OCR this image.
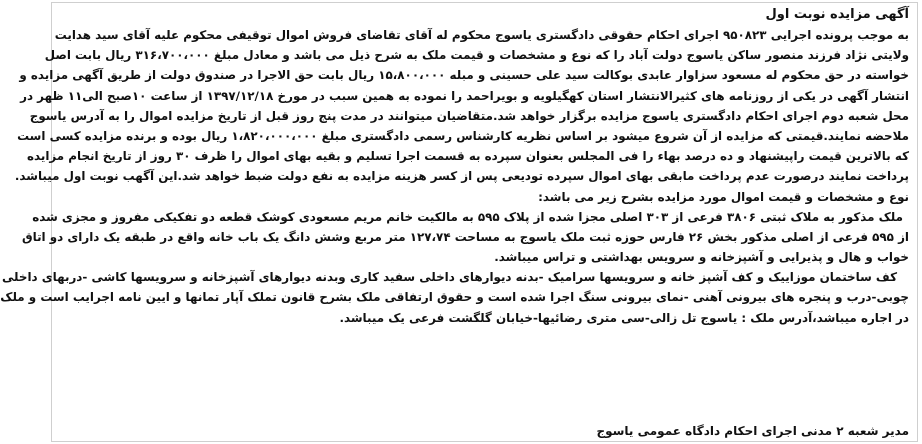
آگهی مزایده نوبت اول
به موجب پرونده اجرایی ۹۵۰۸۲۳ اجرای احکام حقوقی دادگستری یاسوج محکوم له آقای تقاضای فروش اموال توقیفی محکوم علیه آقای سید هدایت
ولایتی نژاد فرزند منصور ساکن یاسوج دولت آباد را که نوع و مشخصات و قیمت ملک به شرح ذیل می باشد و معادل مبلغ ۳۱۶،۷۰۰،۰۰۰ ریال بابت اصل
خواسته در حق محکوم له مسعود سزاوار عابدی بوکالت سید علی حسینی و مبله ۱۵،۸۰۰،۰۰۰ ریال بابت حق الاجرا در صندوق دولت از طریق آگهی مزایده و
انتشار آگهی در یکی از روزنامه های کثیرالانتشار استان کهگیلویه و بویراحمد را نموده به همین سبب در مورخ ۱۳۹۷/۱۲/۱۸ از ساعت ۱۰صبح الی۱۱ ظهر در
محل شعبه دوم اجرای احکام دادگستری یاسوج مزایده برگزار خواهد شد.متقاضیان میتوانند در مدت پنج روز قبل از تاریخ مزایده اموال را به آدرس یاسوج
ملاحضه نمایند.قیمتی که مزایده از آن شروع میشود بر اساس نظریه کارشناس رسمی دادگستری مبلغ ۱،۸۲۰،۰۰۰،۰۰۰ ریال بوده و برنده مزایده کسی است
که بالاترین قیمت راپیشنهاد و ده درصد بهاء را فی المجلس بعنوان سپرده به قسمت اجرا تسلیم و بقیه بهای اموال را ظرف ۳۰ روز از تاریخ انجام مزایده
پرداخت نمایند درصورت عدم پرداخت مابقی بهای اموال سپرده تودیعی پس از کسر هزینه مزایده به نفع دولت ضبط خواهد شد.این آگهب نوبت اول میباشد.
نوع و مشخصات و قیمت اموال مورد مزایده بشرح زیر می باشد:
ملک مذکور به ملاک ثبتی ۳۸۰۶ فرعی از ۳۰۳ اصلی مجزا شده از پلاک ۵۹۵ به مالکیت خانم مریم مسعودی کوشک قطعه دو تفکیکی مفروز و مجزی شده
از ۵۹۵ فرعی از اصلی مذکور بخش ۲۶ فارس حوزه ثبت ملک یاسوج به مساحت ۱۲۷،۷۴ متر مربع وشش دانگ یک باب خانه واقع در طبقه یک دارای دو اتاق
خواب و هال و پذیرایی و آشپزخانه و سرویس بهداشتی و تراس میباشد.
کف ساختمان موزاییک و کف آشپز خانه و سرویسها سرامیک -بدنه دیوارهای داخلی سفید کاری وبدنه دیوارهای آشپزخانه و سرویسها کاشی -دربهای داخلی
چوبی-درب و پنجره های بیرونی آهنی -نمای بیرونی سنگ اجرا شده است و حقوق ارتفاقی ملک بشرح قانون تملک آپار تمانها و ایین نامه اجرایب است و ملک
در اجاره میباشد،آدرس ملک : یاسوج تل زالی-سی متری رضائیها-خیابان گلگشت فرعی یک میباشد.
مدیر شعبه ۲ مدنی اجرای احکام دادگاه عمومی یاسوج
